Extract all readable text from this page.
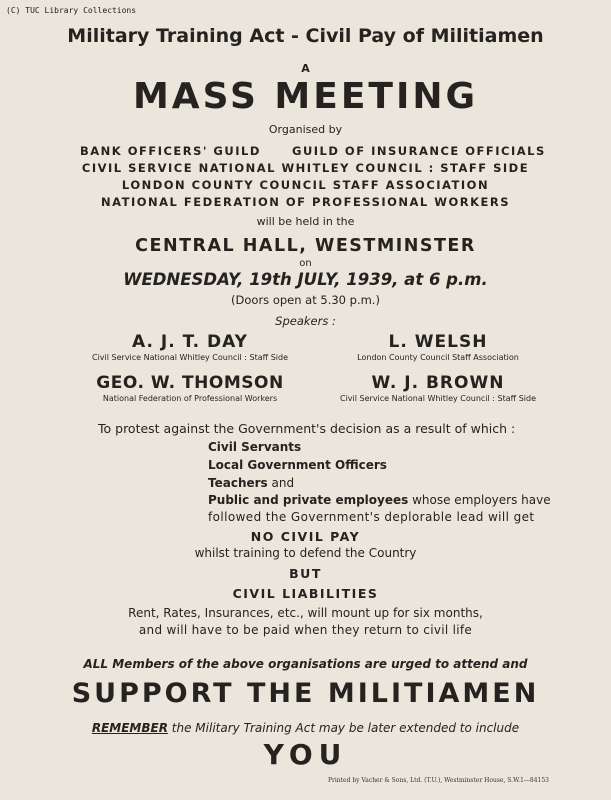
(C) TUC Library Collections
Military Training Act - Civil Pay of Militiamen
A
MASS MEETING
Organised by
BANK OFFICERS' GUILD	GUILD OF INSURANCE OFFICIALS
CIVIL SERVICE NATIONAL WHITLEY COUNCIL : STAFF SIDE
LONDON COUNTY COUNCIL STAFF ASSOCIATION
NATIONAL FEDERATION OF PROFESSIONAL WORKERS
will be held in the
CENTRAL HALL, WESTMINSTER
on
WEDNESDAY, 19th JULY, 1939, at 6 p.m.
(Doors open at 5.30 p.m.)
Speakers :
A. J. T. DAY
Civil Service National Whitley Council : Staff Side
L. WELSH
London County Council Staff Association
GEO. W. THOMSON
National Federation of Professional Workers
W. J. BROWN
Civil Service National Whitley Council : Staff Side
To protest against the Government's decision as a result of which :
Civil Servants
Local Government Officers
Teachers and
Public and private employees whose employers have
followed the Government's deplorable lead will get
NO CIVIL PAY
whilst training to defend the Country
BUT
CIVIL LIABILITIES
Rent, Rates, Insurances, etc., will mount up for six months,
and will have to be paid when they return to civil life
ALL Members of the above organisations are urged to attend and
SUPPORT THE MILITIAMEN
REMEMBER the Military Training Act may be later extended to include
YOU
Printed by Vacher & Sons, Ltd. (T.U.), Westminster House, S.W.1—84153
